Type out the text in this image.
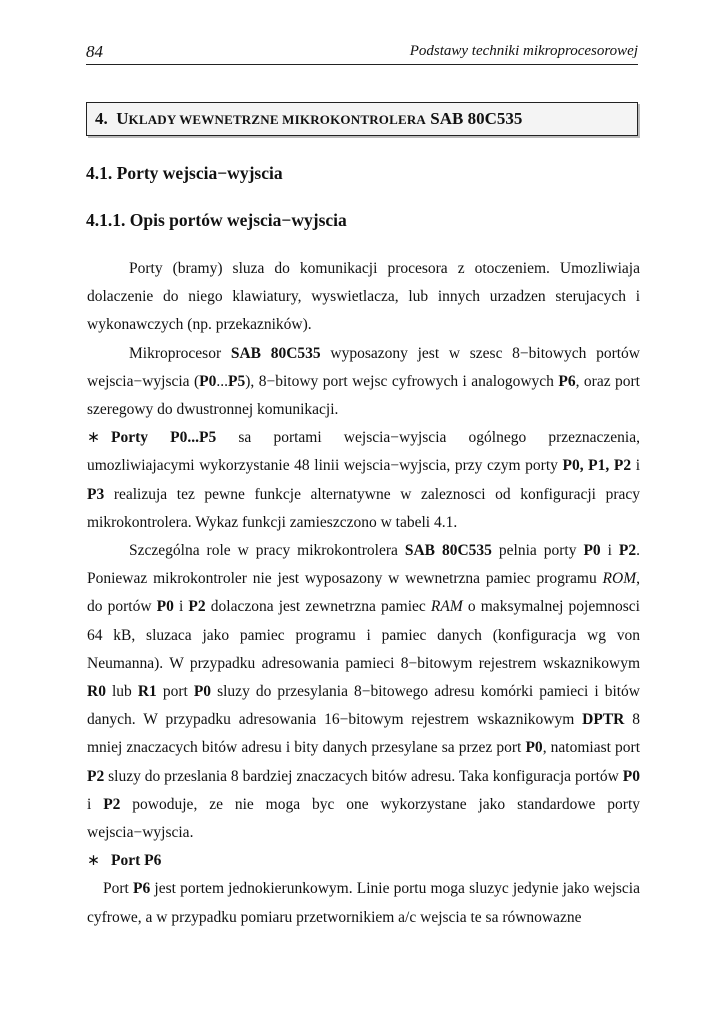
84	Podstawy techniki mikroprocesorowej
4. UKLADY WEWNETRZNE MIKROKONTROLERA SAB 80C535
4.1. Porty wejscia−wyjscia
4.1.1. Opis portów wejscia−wyjscia

Porty (bramy) sluza do komunikacji procesora z otoczeniem. Umozliwiaja dolaczenie do niego klawiatury, wyswietlacza, lub innych urzadzen sterujacych i wykonawczych (np. przekazników).

Mikroprocesor SAB 80C535 wyposazony jest w szesc 8−bitowych portów wejscia−wyjscia (P0...P5), 8−bitowy port wejsc cyfrowych i analogowych P6, oraz port szeregowy do dwustronnej komunikacji.

∗ Porty P0...P5 sa portami wejscia−wyjscia ogólnego przeznaczenia, umozliwiajacymi wykorzystanie 48 linii wejscia−wyjscia, przy czym porty P0, P1, P2 i P3 realizuja tez pewne funkcje alternatywne w zaleznosci od konfiguracji pracy mikrokontrolera. Wykaz funkcji zamieszczono w tabeli 4.1.

Szczególna role w pracy mikrokontrolera SAB 80C535 pelnia porty P0 i P2. Poniewaz mikrokontroler nie jest wyposazony w wewnetrzna pamiec programu ROM, do portów P0 i P2 dolaczona jest zewnetrzna pamiec RAM o maksymalnej pojemnosci 64 kB, sluzaca jako pamiec programu i pamiec danych (konfiguracja wg von Neumanna). W przypadku adresowania pamieci 8−bitowym rejestrem wskaznikowym R0 lub R1 port P0 sluzy do przesylania 8−bitowego adresu komórki pamieci i bitów danych. W przypadku adresowania 16−bitowym rejestrem wskaznikowym DPTR 8 mniej znaczacych bitów adresu i bity danych przesylane sa przez port P0, natomiast port P2 sluzy do przeslania 8 bardziej znaczacych bitów adresu. Taka konfiguracja portów P0 i P2 powoduje, ze nie moga byc one wykorzystane jako standardowe porty wejscia−wyjscia.

∗ Port P6

Port P6 jest portem jednokierunkowym. Linie portu moga sluzyc jedynie jako wejscia cyfrowe, a w przypadku pomiaru przetwornikiem a/c wejscia te sa równowazne
